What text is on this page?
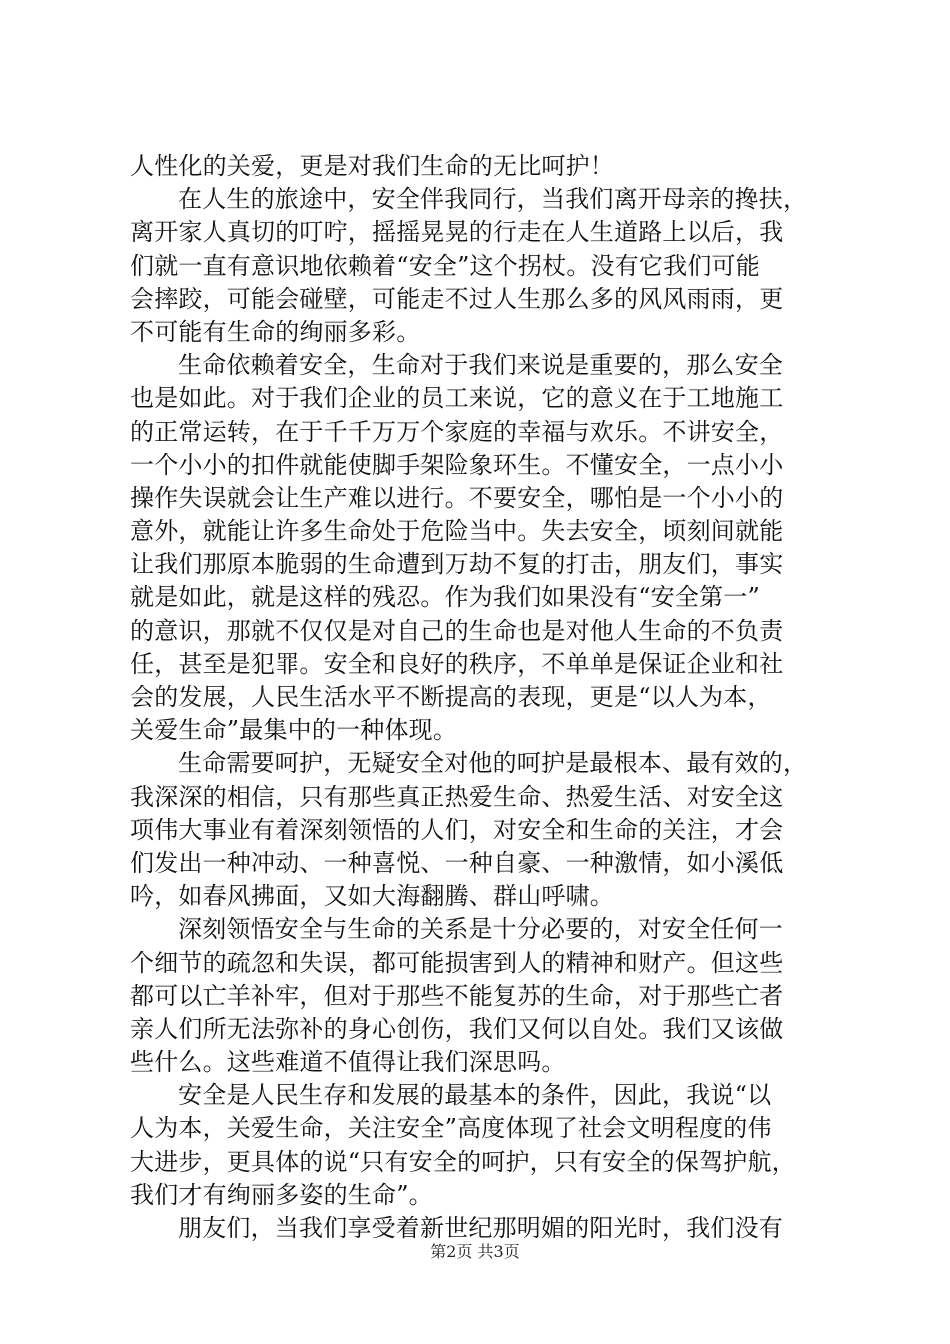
人性化的关爱，更是对我们生命的无比呵护！
在人生的旅途中，安全伴我同行，当我们离开母亲的搀扶，
离开家人真切的叮咛，摇摇晃晃的行走在人生道路上以后，我
们就一直有意识地依赖着“安全”这个拐杖。没有它我们可能
会摔跤，可能会碰壁，可能走不过人生那么多的风风雨雨，更
不可能有生命的绚丽多彩。
生命依赖着安全，生命对于我们来说是重要的，那么安全
也是如此。对于我们企业的员工来说，它的意义在于工地施工
的正常运转，在于千千万万个家庭的幸福与欢乐。不讲安全，
一个小小的扣件就能使脚手架险象环生。不懂安全，一点小小
操作失误就会让生产难以进行。不要安全，哪怕是一个小小的
意外，就能让许多生命处于危险当中。失去安全，顷刻间就能
让我们那原本脆弱的生命遭到万劫不复的打击，朋友们，事实
就是如此，就是这样的残忍。作为我们如果没有“安全第一”
的意识，那就不仅仅是对自己的生命也是对他人生命的不负责
任，甚至是犯罪。安全和良好的秩序，不单单是保证企业和社
会的发展，人民生活水平不断提高的表现，更是“以人为本，
关爱生命”最集中的一种体现。
生命需要呵护，无疑安全对他的呵护是最根本、最有效的，
我深深的相信，只有那些真正热爱生命、热爱生活、对安全这
项伟大事业有着深刻领悟的人们，对安全和生命的关注，才会
们发出一种冲动、一种喜悦、一种自豪、一种激情，如小溪低
吟，如春风拂面，又如大海翻腾、群山呼啸。
深刻领悟安全与生命的关系是十分必要的，对安全任何一
个细节的疏忽和失误，都可能损害到人的精神和财产。但这些
都可以亡羊补牢，但对于那些不能复苏的生命，对于那些亡者
亲人们所无法弥补的身心创伤，我们又何以自处。我们又该做
些什么。这些难道不值得让我们深思吗。
安全是人民生存和发展的最基本的条件，因此，我说“以
人为本，关爱生命，关注安全”高度体现了社会文明程度的伟
大进步，更具体的说“只有安全的呵护，只有安全的保驾护航，
我们才有绚丽多姿的生命”。
朋友们，当我们享受着新世纪那明媚的阳光时，我们没有
第2页 共3页
